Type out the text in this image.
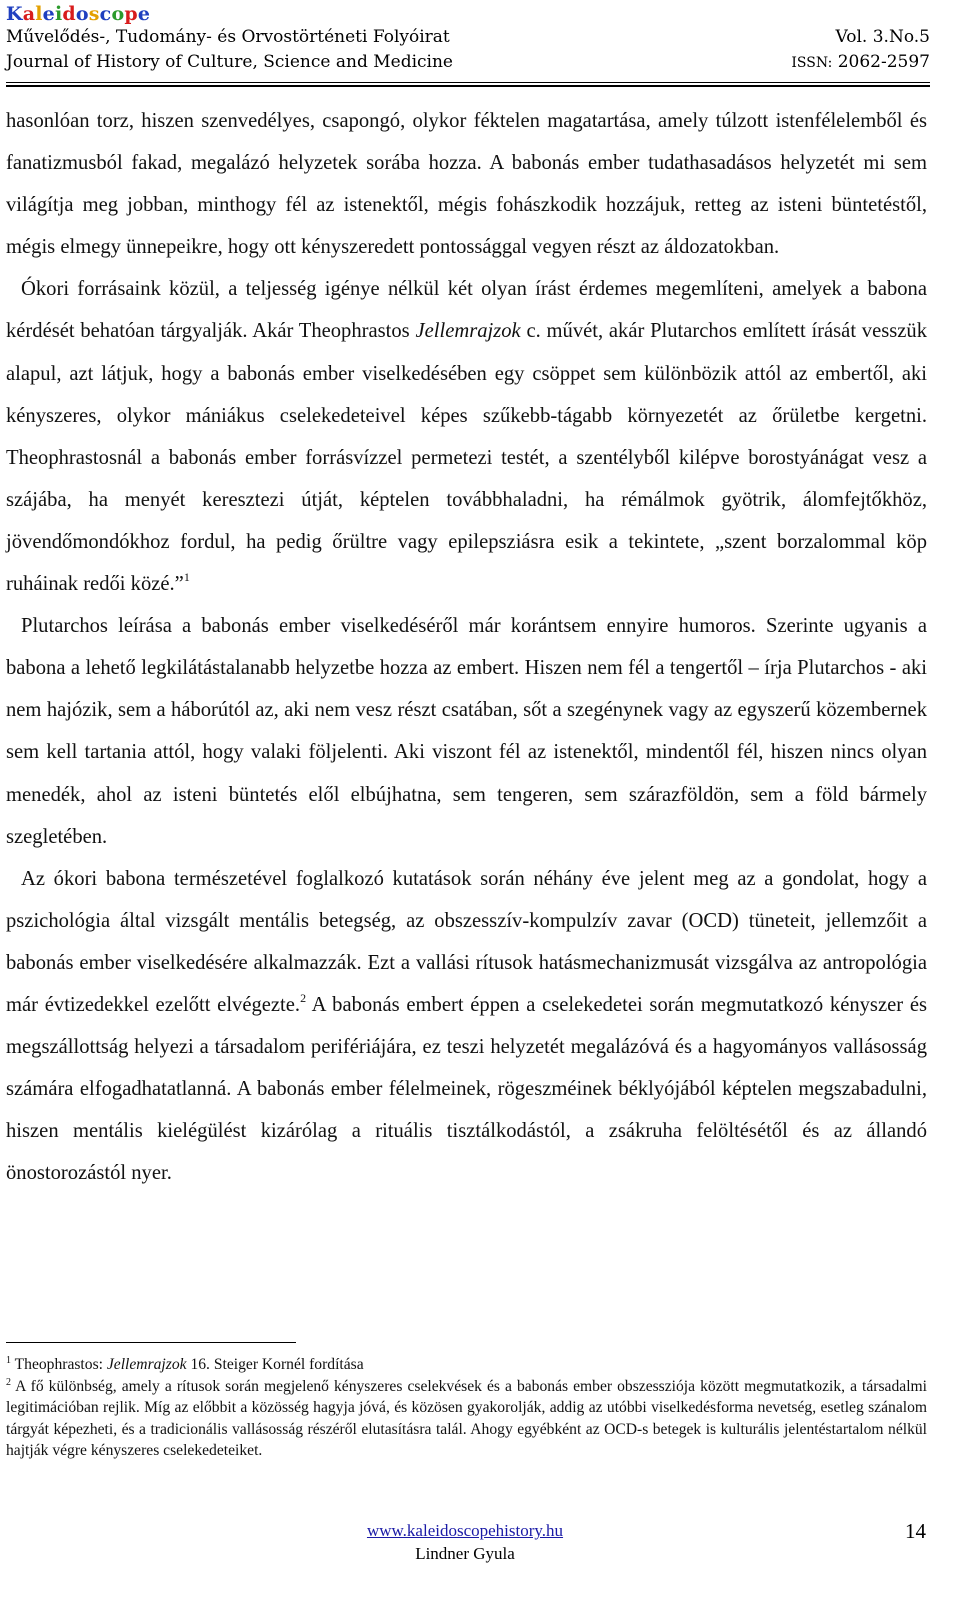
Kaleidoscope
Művelődés-, Tudomány- és Orvostörténeti Folyóirat	Vol. 3.No.5
Journal of History of Culture, Science and Medicine	ISSN: 2062-2597

hasonlóan torz, hiszen szenvedélyes, csapongó, olykor féktelen magatartása, amely túlzott istenfélelemből és fanatizmusból fakad, megalázó helyzetek sorába hozza. A babonás ember tudathasadásos helyzetét mi sem világítja meg jobban, minthogy fél az istenektől, mégis fohászkodik hozzájuk, retteg az isteni büntetéstől, mégis elmegy ünnepeikre, hogy ott kényszeredett pontossággal vegyen részt az áldozatokban.

Ókori forrásaink közül, a teljesség igénye nélkül két olyan írást érdemes megemlíteni, amelyek a babona kérdését behatóan tárgyalják. Akár Theophrastos Jellemrajzok c. művét, akár Plutarchos említett írását vesszük alapul, azt látjuk, hogy a babonás ember viselkedésében egy csöppet sem különbözik attól az embertől, aki kényszeres, olykor mániákus cselekedeteivel képes szűkebb-tágabb környezetét az őrületbe kergetni. Theophrastosnál a babonás ember forrásvízzel permetezi testét, a szentélyből kilépve borostyánágat vesz a szájába, ha menyét keresztezi útját, képtelen továbbhaladni, ha rémálmok gyötrik, álomfejtőkhöz, jövendőmondókhoz fordul, ha pedig őrültre vagy epilepsziásra esik a tekintete, „szent borzalommal köp ruháinak redői közé.”$^1$

Plutarchos leírása a babonás ember viselkedéséről már korántsem ennyire humoros. Szerinte ugyanis a babona a lehető legkilátástalanabb helyzetbe hozza az embert. Hiszen nem fél a tengertől – írja Plutarchos - aki nem hajózik, sem a háborútól az, aki nem vesz részt csatában, sőt a szegénynek vagy az egyszerű közembernek sem kell tartania attól, hogy valaki följelenti. Aki viszont fél az istenektől, mindentől fél, hiszen nincs olyan menedék, ahol az isteni büntetés elől elbújhatna, sem tengeren, sem szárazföldön, sem a föld bármely szegletében.

Az ókori babona természetével foglalkozó kutatások során néhány éve jelent meg az a gondolat, hogy a pszichológia által vizsgált mentális betegség, az obszesszív-kompulzív zavar (OCD) tüneteit, jellemzőit a babonás ember viselkedésére alkalmazzák. Ezt a vallási rítusok hatásmechanizmusát vizsgálva az antropológia már évtizedekkel ezelőtt elvégezte.$^2$ A babonás embert éppen a cselekedetei során megmutatkozó kényszer és megszállottság helyezi a társadalom perifériájára, ez teszi helyzetét megalázóvá és a hagyományos vallásosság számára elfogadhatatlanná. A babonás ember félelmeinek, rögeszméinek béklyójából képtelen megszabadulni, hiszen mentális kielégülést kizárólag a rituális tisztálkodástól, a zsákruha felöltésétől és az állandó önostorozástól nyer.

$^1$ Theophrastos: Jellemrajzok 16. Steiger Kornél fordítása

$^2$ A fő különbség, amely a rítusok során megjelenő kényszeres cselekvések és a babonás ember obszessziója között megmutatkozik, a társadalmi legitimációban rejlik. Míg az előbbit a közösség hagyja jóvá, és közösen gyakorolják, addig az utóbbi viselkedésforma nevetség, esetleg szánalom tárgyát képezheti, és a tradicionális vallásosság részéről elutasításra talál. Ahogy egyébként az OCD-s betegek is kulturális jelentéstartalom nélkül hajtják végre kényszeres cselekedeteiket.

www.kaleidoscopehistory.hu
Lindner Gyula
14
